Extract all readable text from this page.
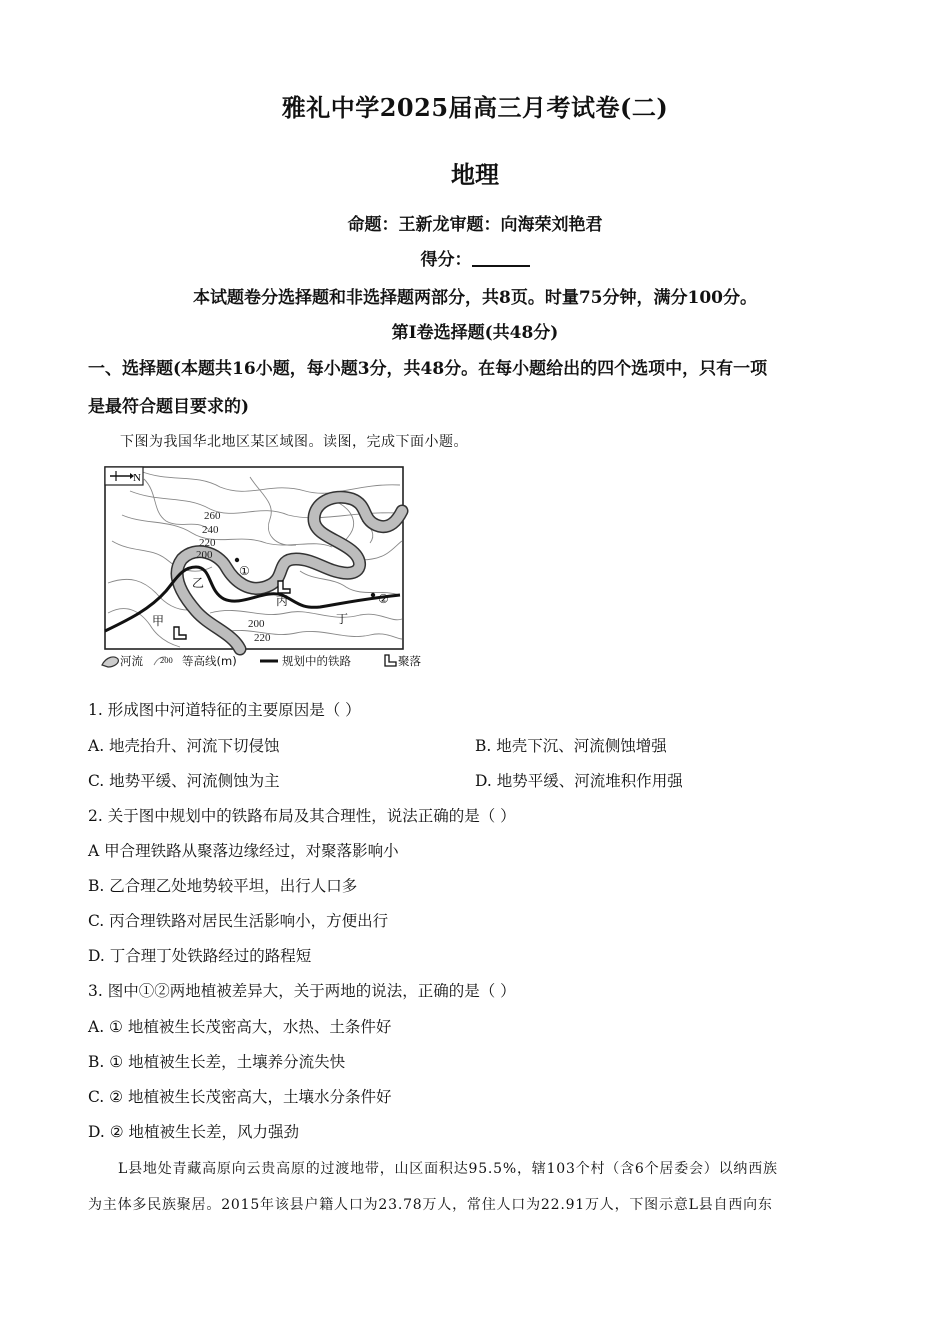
雅礼中学2025届高三月考试卷(二)
地理
命题：王新龙审题：向海荣刘艳君
得分：
本试题卷分选择题和非选择题两部分，共8页。时量75分钟，满分100分。
第Ⅰ卷选择题(共48分)
一、选择题(本题共16小题，每小题3分，共48分。在每小题给出的四个选项中，只有一项
是最符合题目要求的)
下图为我国华北地区某区域图。读图，完成下面小题。
N
260
240
220
200
200
220
乙
①
丙
甲	丁
②
河流 200 等高线(m)	规划中的铁路	聚落
1. 形成图中河道特征的主要原因是（ ）
A. 地壳抬升、河流下切侵蚀	B. 地壳下沉、河流侧蚀增强
C. 地势平缓、河流侧蚀为主	D. 地势平缓、河流堆积作用强
2. 关于图中规划中的铁路布局及其合理性，说法正确的是（ ）
A 甲合理铁路从聚落边缘经过，对聚落影响小
B. 乙合理乙处地势较平坦，出行人口多
C. 丙合理铁路对居民生活影响小，方便出行
D. 丁合理丁处铁路经过的路程短
3. 图中①②两地植被差异大，关于两地的说法，正确的是（ ）
A. ① 地植被生长茂密高大，水热、土条件好
B. ① 地植被生长差，土壤养分流失快
C. ② 地植被生长茂密高大，土壤水分条件好
D. ② 地植被生长差，风力强劲
L县地处青藏高原向云贵高原的过渡地带，山区面积达95.5%，辖103个村（含6个居委会）以纳西族
为主体多民族聚居。2015年该县户籍人口为23.78万人，常住人口为22.91万人，下图示意L县自西向东
